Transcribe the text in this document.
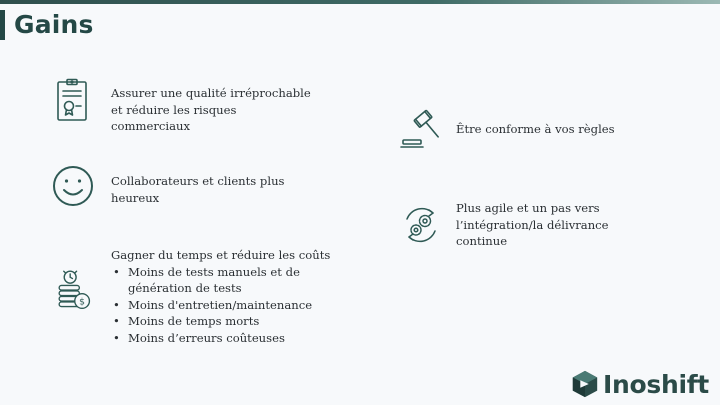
Gains
Assurer une qualité irréprochable et réduire les risques commerciaux
Collaborateurs et clients plus heureux
$
Gagner du temps et réduire les coûts
• Moins de tests manuels et de génération de tests
• Moins d'entretien/maintenance
• Moins de temps morts
• Moins d’erreurs coûteuses
Être conforme à vos règles
Plus agile et un pas vers l’intégration/la délivrance continue
Inoshift
